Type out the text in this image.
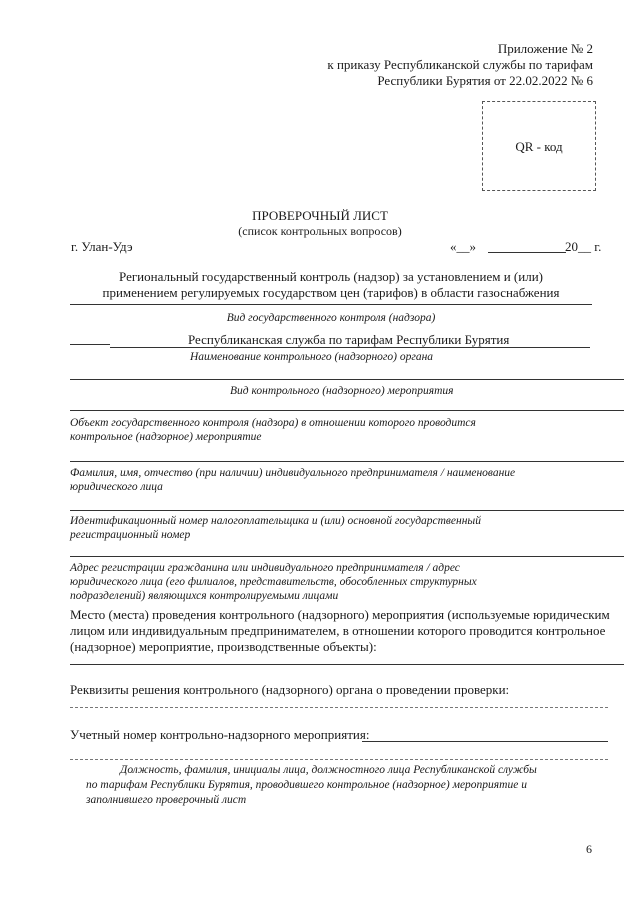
Приложение № 2
к приказу Республиканской службы по тарифам
Республики Бурятия от 22.02.2022 № 6
QR - код
ПРОВЕРОЧНЫЙ ЛИСТ
(список контрольных вопросов)
г. Улан-Удэ	«__»	20__ г.
Региональный государственный контроль (надзор) за установлением и (или)
применением регулируемых государством цен (тарифов) в области газоснабжения
Вид государственного контроля (надзора)
Республиканская служба по тарифам Республики Бурятия
Наименование контрольного (надзорного) органа
Вид контрольного (надзорного) мероприятия
Объект государственного контроля (надзора) в отношении которого проводится
контрольное (надзорное) мероприятие
Фамилия, имя, отчество (при наличии) индивидуального предпринимателя / наименование
юридического лица
Идентификационный номер налогоплательщика и (или) основной государственный
регистрационный номер
Адрес регистрации гражданина или индивидуального предпринимателя / адрес
юридического лица (его филиалов, представительств, обособленных структурных
подразделений) являющихся контролируемыми лицами
Место (места) проведения контрольного (надзорного) мероприятия (используемые юридическим
лицом или индивидуальным предпринимателем, в отношении которого проводится контрольное
(надзорное) мероприятие, производственные объекты):
Реквизиты решения контрольного (надзорного) органа о проведении проверки:
Учетный номер контрольно-надзорного мероприятия:
Должность, фамилия, инициалы лица, должностного лица Республиканской службы
по тарифам Республики Бурятия, проводившего контрольное (надзорное) мероприятие и
заполнившего проверочный лист
6
